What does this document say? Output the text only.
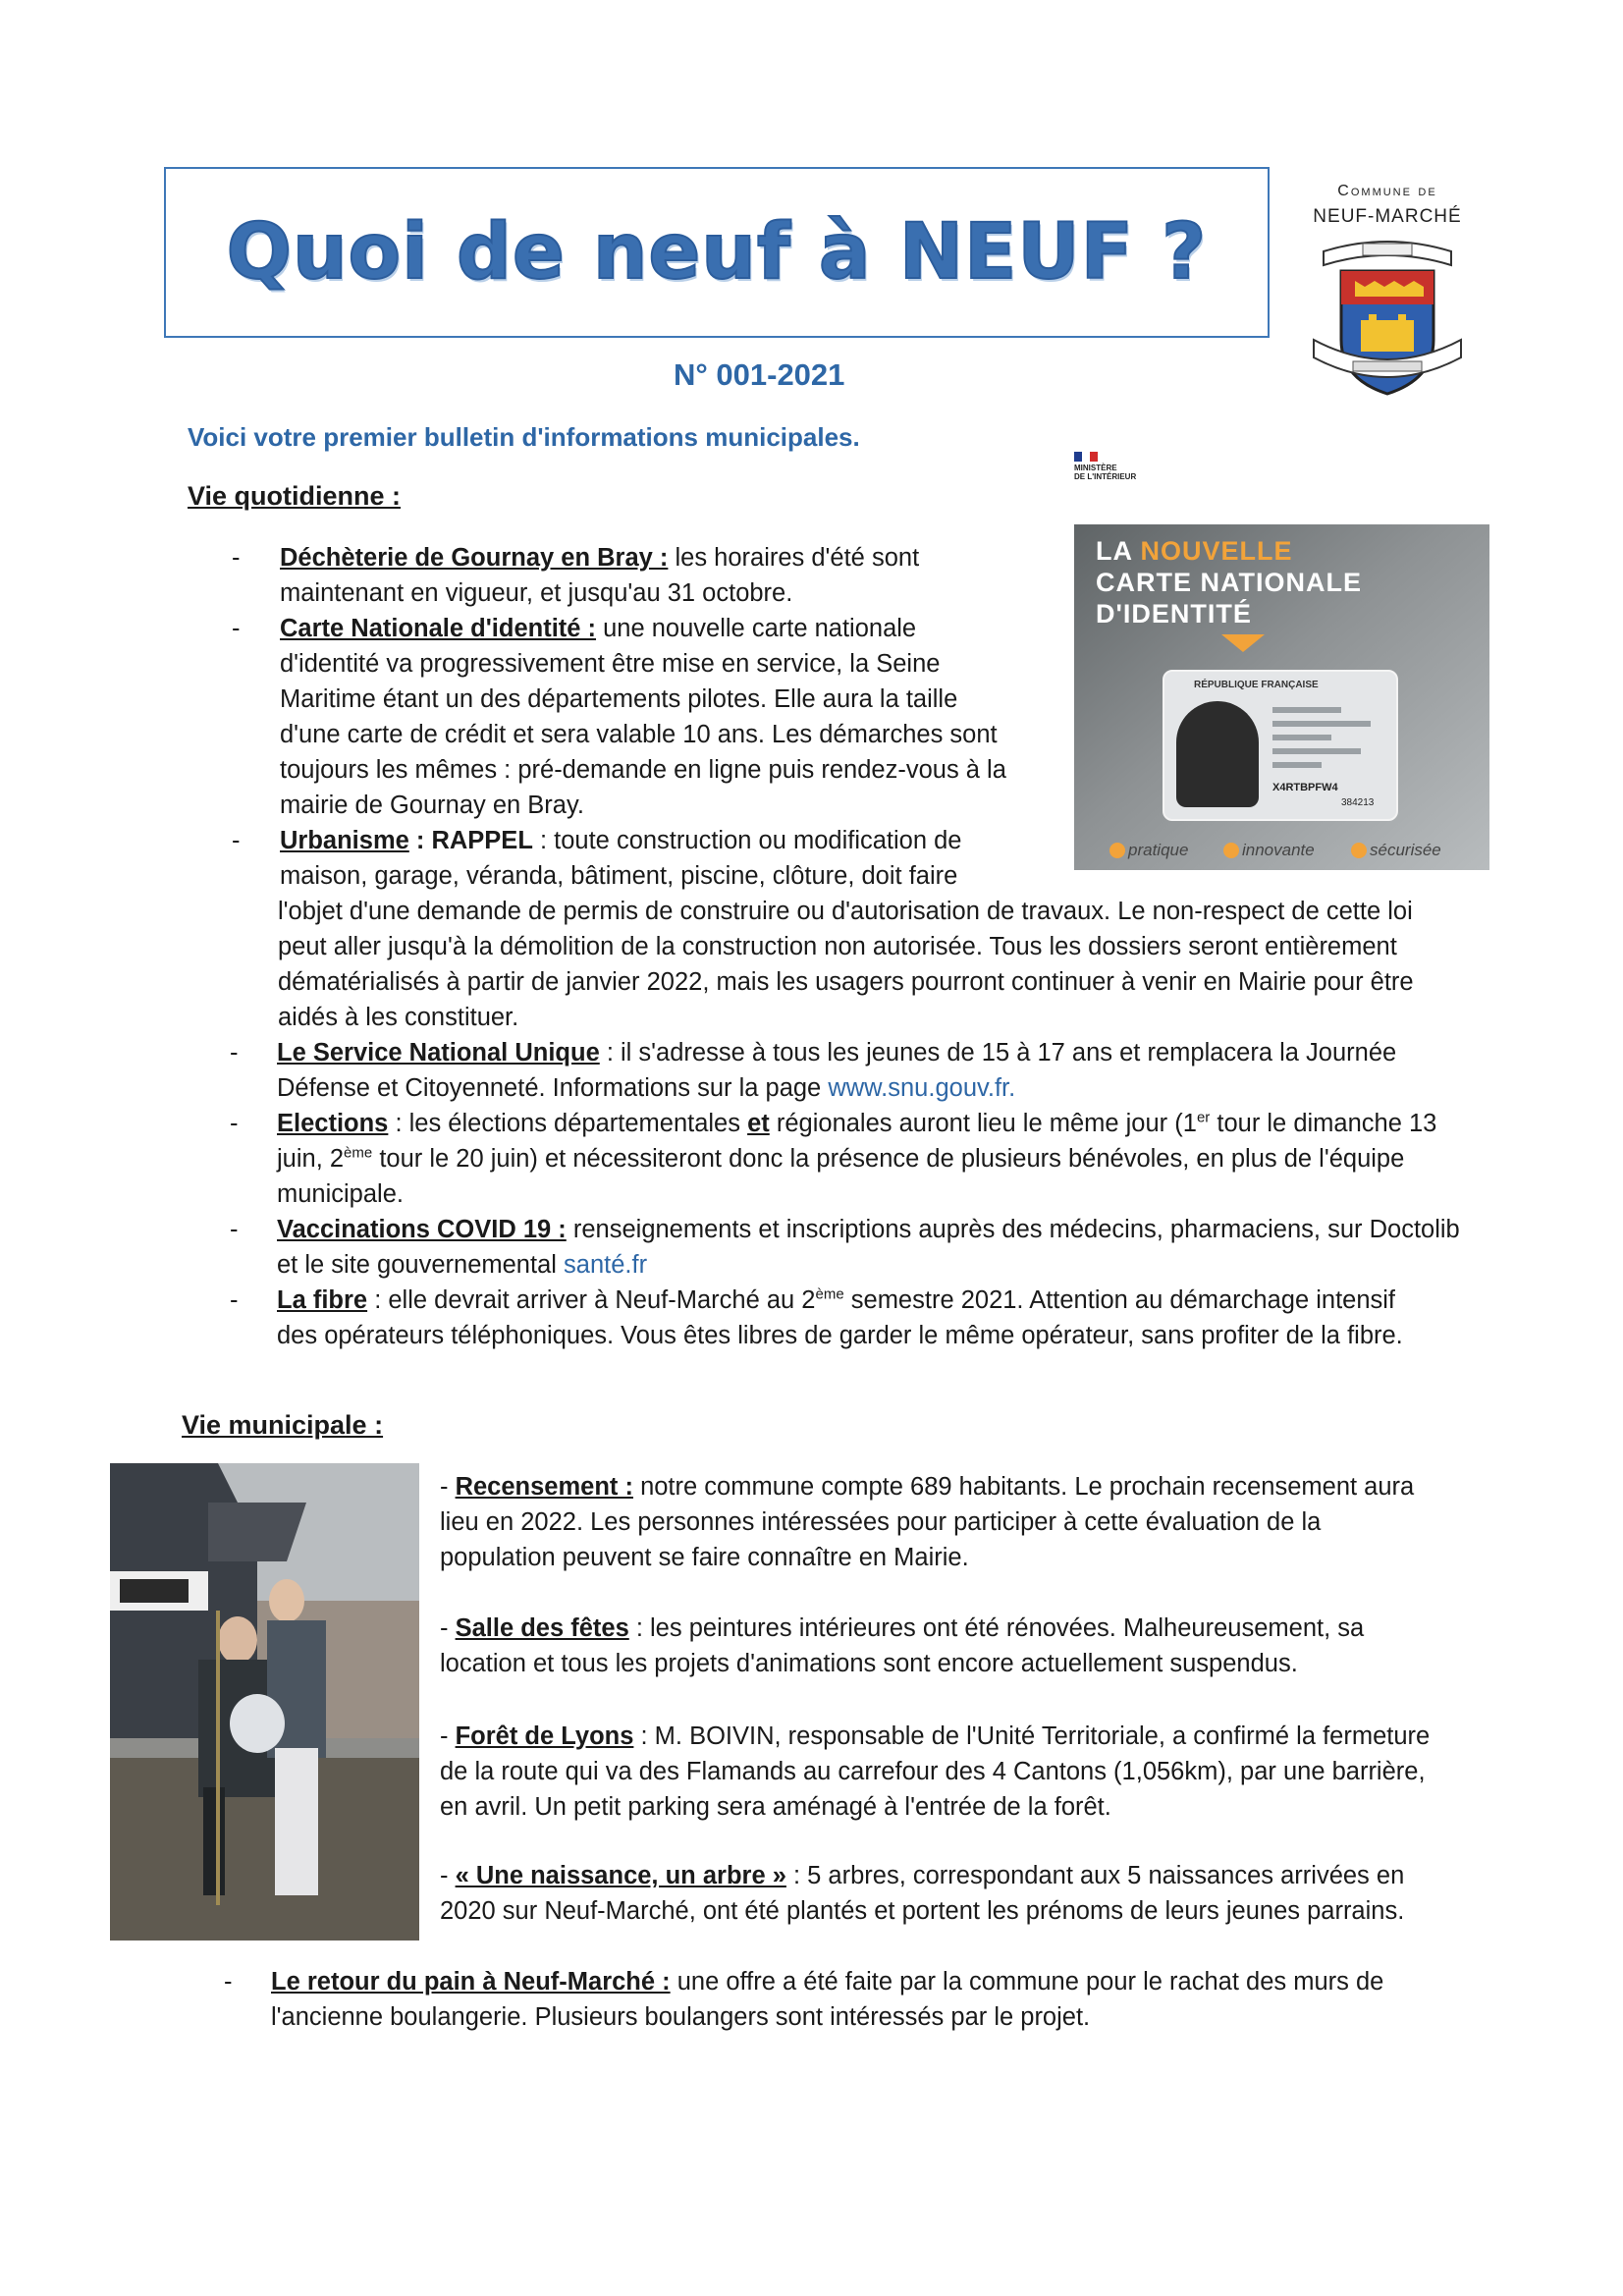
Quoi de neuf à NEUF ?
Commune de
NEUF-MARCHÉ
N° 001-2021
Voici votre premier bulletin d'informations municipales.
MINISTÈRE
DE L'INTÉRIEUR
LA NOUVELLE
CARTE NATIONALE
D'IDENTITÉ
RÉPUBLIQUE FRANÇAISE
X4RTBPFW4
384213
pratique	innovante	sécurisée
Vie quotidienne :
- Déchèterie de Gournay en Bray : les horaires d'été sont
maintenant en vigueur, et jusqu'au 31 octobre.
- Carte Nationale d'identité : une nouvelle carte nationale
d'identité va progressivement être mise en service, la Seine
Maritime étant un des départements pilotes. Elle aura la taille
d'une carte de crédit et sera valable 10 ans. Les démarches sont
toujours les mêmes : pré-demande en ligne puis rendez-vous à la
mairie de Gournay en Bray.
- Urbanisme : RAPPEL : toute construction ou modification de
maison, garage, véranda, bâtiment, piscine, clôture, doit faire
l'objet d'une demande de permis de construire ou d'autorisation de travaux. Le non-respect de cette loi
peut aller jusqu'à la démolition de la construction non autorisée. Tous les dossiers seront entièrement
dématérialisés à partir de janvier 2022, mais les usagers pourront continuer à venir en Mairie pour être
aidés à les constituer.
- Le Service National Unique : il s'adresse à tous les jeunes de 15 à 17 ans et remplacera la Journée
Défense et Citoyenneté. Informations sur la page www.snu.gouv.fr.
- Elections : les élections départementales et régionales auront lieu le même jour (1er tour le dimanche 13
juin, 2ème tour le 20 juin) et nécessiteront donc la présence de plusieurs bénévoles, en plus de l'équipe
municipale.
- Vaccinations COVID 19 : renseignements et inscriptions auprès des médecins, pharmaciens, sur Doctolib
et le site gouvernemental santé.fr
- La fibre : elle devrait arriver à Neuf-Marché au 2ème semestre 2021. Attention au démarchage intensif
des opérateurs téléphoniques. Vous êtes libres de garder le même opérateur, sans profiter de la fibre.
Vie municipale :
- Recensement : notre commune compte 689 habitants. Le prochain recensement aura
lieu en 2022. Les personnes intéressées pour participer à cette évaluation de la
population peuvent se faire connaître en Mairie.
- Salle des fêtes : les peintures intérieures ont été rénovées. Malheureusement, sa
location et tous les projets d'animations sont encore actuellement suspendus.
- Forêt de Lyons : M. BOIVIN, responsable de l'Unité Territoriale, a confirmé la fermeture
de la route qui va des Flamands au carrefour des 4 Cantons (1,056km), par une barrière,
en avril. Un petit parking sera aménagé à l'entrée de la forêt.
- « Une naissance, un arbre » : 5 arbres, correspondant aux 5 naissances arrivées en
2020 sur Neuf-Marché, ont été plantés et portent les prénoms de leurs jeunes parrains.
- Le retour du pain à Neuf-Marché : une offre a été faite par la commune pour le rachat des murs de
l'ancienne boulangerie. Plusieurs boulangers sont intéressés par le projet.
